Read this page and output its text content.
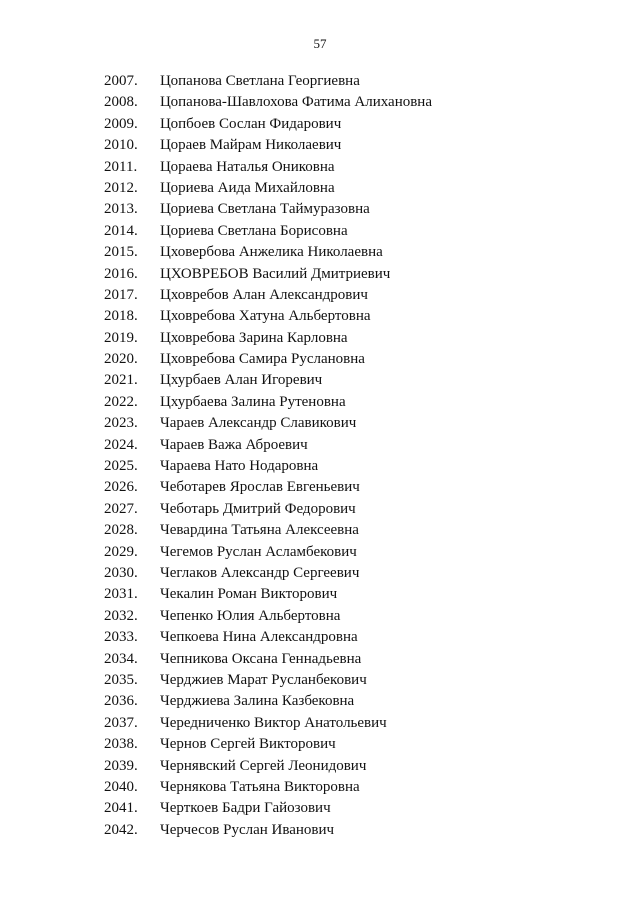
57
2007.	Цопанова Светлана Георгиевна
2008.	Цопанова-Шавлохова Фатима Алихановна
2009.	Цопбоев Сослан Фидарович
2010.	Цораев Майрам Николаевич
2011.	Цораева Наталья Ониковна
2012.	Цориева Аида Михайловна
2013.	Цориева Светлана Таймуразовна
2014.	Цориева Светлана Борисовна
2015.	Цховербова Анжелика Николаевна
2016.	ЦХОВРЕБОВ Василий Дмитриевич
2017.	Цховребов Алан Александрович
2018.	Цховребова Хатуна Альбертовна
2019.	Цховребова Зарина Карловна
2020.	Цховребова Самира Руслановна
2021.	Цхурбаев Алан Игоревич
2022.	Цхурбаева Залина Рутеновна
2023.	Чараев Александр Славикович
2024.	Чараев Важа Аброевич
2025.	Чараева Нато Нодаровна
2026.	Чеботарев Ярослав Евгеньевич
2027.	Чеботарь Дмитрий Федорович
2028.	Чевардина Татьяна Алексеевна
2029.	Чегемов Руслан Асламбекович
2030.	Чеглаков Александр Сергеевич
2031.	Чекалин Роман Викторович
2032.	Чепенко Юлия Альбертовна
2033.	Чепкоева Нина Александровна
2034.	Чепникова Оксана Геннадьевна
2035.	Черджиев Марат Русланбекович
2036.	Черджиева Залина Казбековна
2037.	Чередниченко Виктор Анатольевич
2038.	Чернов Сергей Викторович
2039.	Чернявский Сергей Леонидович
2040.	Чернякова Татьяна Викторовна
2041.	Черткоев Бадри Гайозович
2042.	Черчесов Руслан Иванович
